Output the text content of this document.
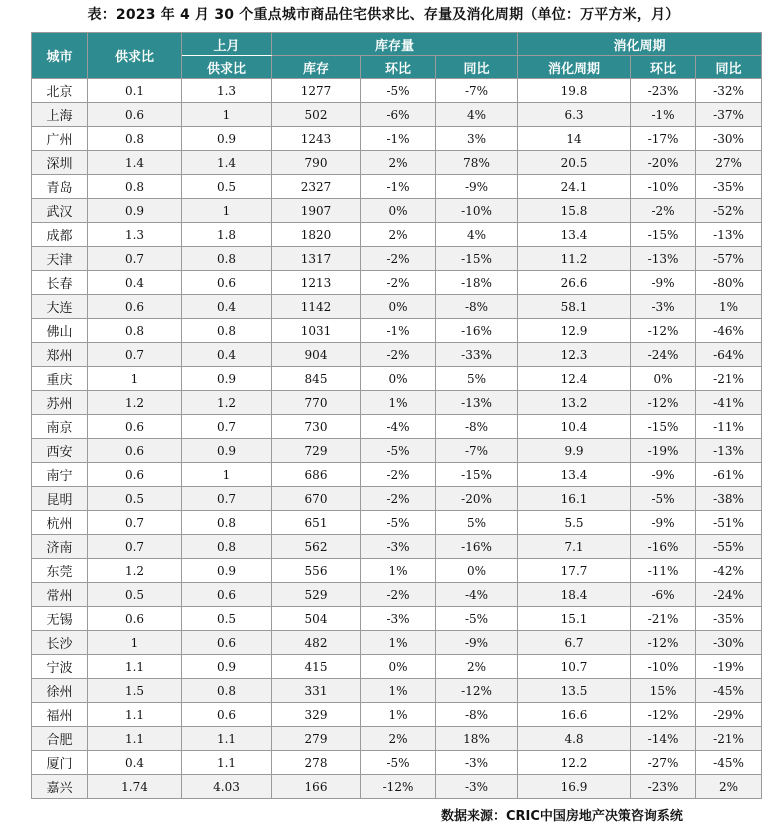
表：2023 年 4 月 30 个重点城市商品住宅供求比、存量及消化周期（单位：万平方米，月）
城市	供求比	上月	库存量			消化周期		
		供求比	库存	环比	同比	消化周期	环比	同比
北京	0.1	1.3	1277	-5%	-7%	19.8	-23%	-32%
上海	0.6	1	502	-6%	4%	6.3	-1%	-37%
广州	0.8	0.9	1243	-1%	3%	14	-17%	-30%
深圳	1.4	1.4	790	2%	78%	20.5	-20%	27%
青岛	0.8	0.5	2327	-1%	-9%	24.1	-10%	-35%
武汉	0.9	1	1907	0%	-10%	15.8	-2%	-52%
成都	1.3	1.8	1820	2%	4%	13.4	-15%	-13%
天津	0.7	0.8	1317	-2%	-15%	11.2	-13%	-57%
长春	0.4	0.6	1213	-2%	-18%	26.6	-9%	-80%
大连	0.6	0.4	1142	0%	-8%	58.1	-3%	1%
佛山	0.8	0.8	1031	-1%	-16%	12.9	-12%	-46%
郑州	0.7	0.4	904	-2%	-33%	12.3	-24%	-64%
重庆	1	0.9	845	0%	5%	12.4	0%	-21%
苏州	1.2	1.2	770	1%	-13%	13.2	-12%	-41%
南京	0.6	0.7	730	-4%	-8%	10.4	-15%	-11%
西安	0.6	0.9	729	-5%	-7%	9.9	-19%	-13%
南宁	0.6	1	686	-2%	-15%	13.4	-9%	-61%
昆明	0.5	0.7	670	-2%	-20%	16.1	-5%	-38%
杭州	0.7	0.8	651	-5%	5%	5.5	-9%	-51%
济南	0.7	0.8	562	-3%	-16%	7.1	-16%	-55%
东莞	1.2	0.9	556	1%	0%	17.7	-11%	-42%
常州	0.5	0.6	529	-2%	-4%	18.4	-6%	-24%
无锡	0.6	0.5	504	-3%	-5%	15.1	-21%	-35%
长沙	1	0.6	482	1%	-9%	6.7	-12%	-30%
宁波	1.1	0.9	415	0%	2%	10.7	-10%	-19%
徐州	1.5	0.8	331	1%	-12%	13.5	15%	-45%
福州	1.1	0.6	329	1%	-8%	16.6	-12%	-29%
合肥	1.1	1.1	279	2%	18%	4.8	-14%	-21%
厦门	0.4	1.1	278	-5%	-3%	12.2	-27%	-45%
嘉兴	1.74	4.03	166	-12%	-3%	16.9	-23%	2%
数据来源：CRIC中国房地产决策咨询系统
